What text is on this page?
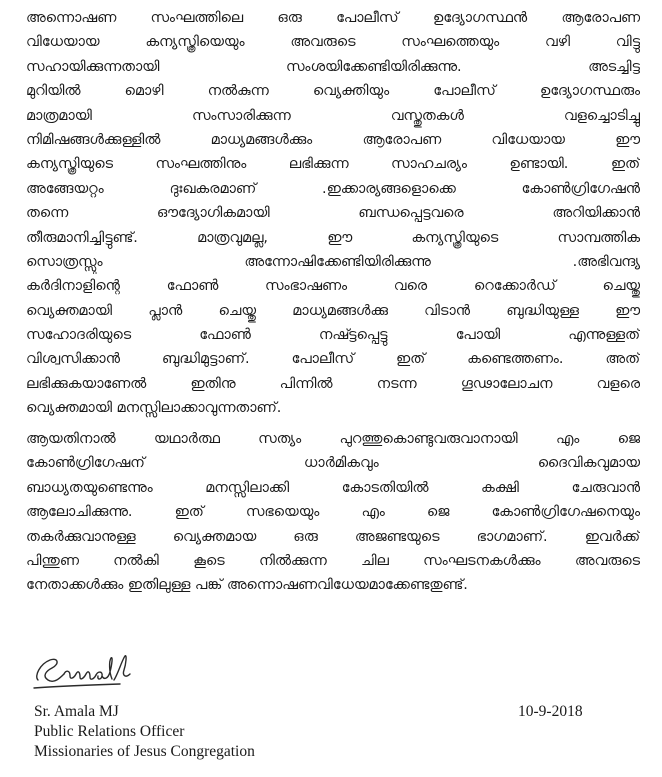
അന്നൊഷണ സംഘത്തിലെ ഒരു പോലീസ് ഉദ്യോഗസ്ഥൻ ആരോപണ
വിധേയായ കന്യസ്ത്രിയെയും അവരുടെ സംഘത്തെയും വഴി വിട്ടു
സഹായിക്കുന്നതായി സംശയിക്കേണ്ടിയിരിക്കുന്നു. അടച്ചിട്ട
മുറിയിൽ മൊഴി നൽകുന്ന വ്യെക്തിയും പോലീസ് ഉദ്യോഗസ്ഥരും
മാത്രമായി സംസാരിക്കുന്ന വസ്തുതകൾ വളച്ചൊടിച്ചു
നിമിഷങ്ങൾക്കുള്ളിൽ മാധ്യമങ്ങൾക്കും ആരോപണ വിധേയായ ഈ
കന്യസ്ത്രിയുടെ സംഘത്തിനും ലഭിക്കുന്ന സാഹചര്യം ഉണ്ടായി. ഇത്
അങ്ങേയറ്റം ദുഃഖകരമാണ് .ഇക്കാര്യങ്ങളൊക്കെ കോൺഗ്രിഗേഷൻ
തന്നെ ഔദ്യോഗികമായി ബന്ധപ്പെട്ടവരെ അറിയിക്കാൻ
തീരുമാനിച്ചിട്ടുണ്ട്. മാത്രവുമല്ല, ഈ കന്യസ്ത്രിയുടെ സാമ്പത്തിക
സൊത്രസ്സും അന്നോഷിക്കേണ്ടിയിരിക്കുന്നു .അഭിവന്ദ്യ
കർദിനാളിന്റെ ഫോൺ സംഭാഷണം വരെ റെക്കോർഡ് ചെയ്തു
വ്യെക്തമായി പ്ലാൻ ചെയ്തു മാധ്യമങ്ങൾക്കു വിടാൻ ബുദ്ധിയുള്ള ഈ
സഹോദരിയുടെ ഫോൺ നഷ്ട്ടപ്പെട്ടു പോയി എന്നുള്ളത്
വിശ്വസിക്കാൻ ബുദ്ധിമുട്ടാണ്. പോലീസ് ഇത് കണ്ടെത്തണം. അത്
ലഭിക്കുകയാണേൽ ഇതിനു പിന്നിൽ നടന്ന ഗൂഢാലോചന വളരെ
വ്യെക്തമായി മനസ്സിലാക്കാവുന്നതാണ്.
ആയതിനാൽ യഥാർത്ഥ സത്യം പുറത്തുകൊണ്ടുവരുവാനായി എം ജെ
കോൺഗ്രിഗേഷന് ധാർമികവും ദൈവികവുമായ
ബാധ്യതയുണ്ടെന്നും മനസ്സിലാക്കി കോടതിയിൽ കക്ഷി ചേരുവാൻ
ആലോചിക്കുന്നു. ഇത് സഭയെയും എം ജെ കോൺഗ്രിഗേഷനെയും
തകർക്കുവാനുള്ള വ്യെക്തമായ ഒരു അജണ്ടയുടെ ഭാഗമാണ്. ഇവർക്ക്
പിന്തുണ നൽകി കൂടെ നിൽക്കുന്ന ചില സംഘടനകൾക്കും അവരുടെ
നേതാക്കൾക്കും ഇതിലുള്ള പങ്ക് അന്നൊഷണവിധേയമാക്കേണ്ടതുണ്ട്.
Sr. Amala MJ
Public Relations Officer
Missionaries of Jesus Congregation
10-9-2018
